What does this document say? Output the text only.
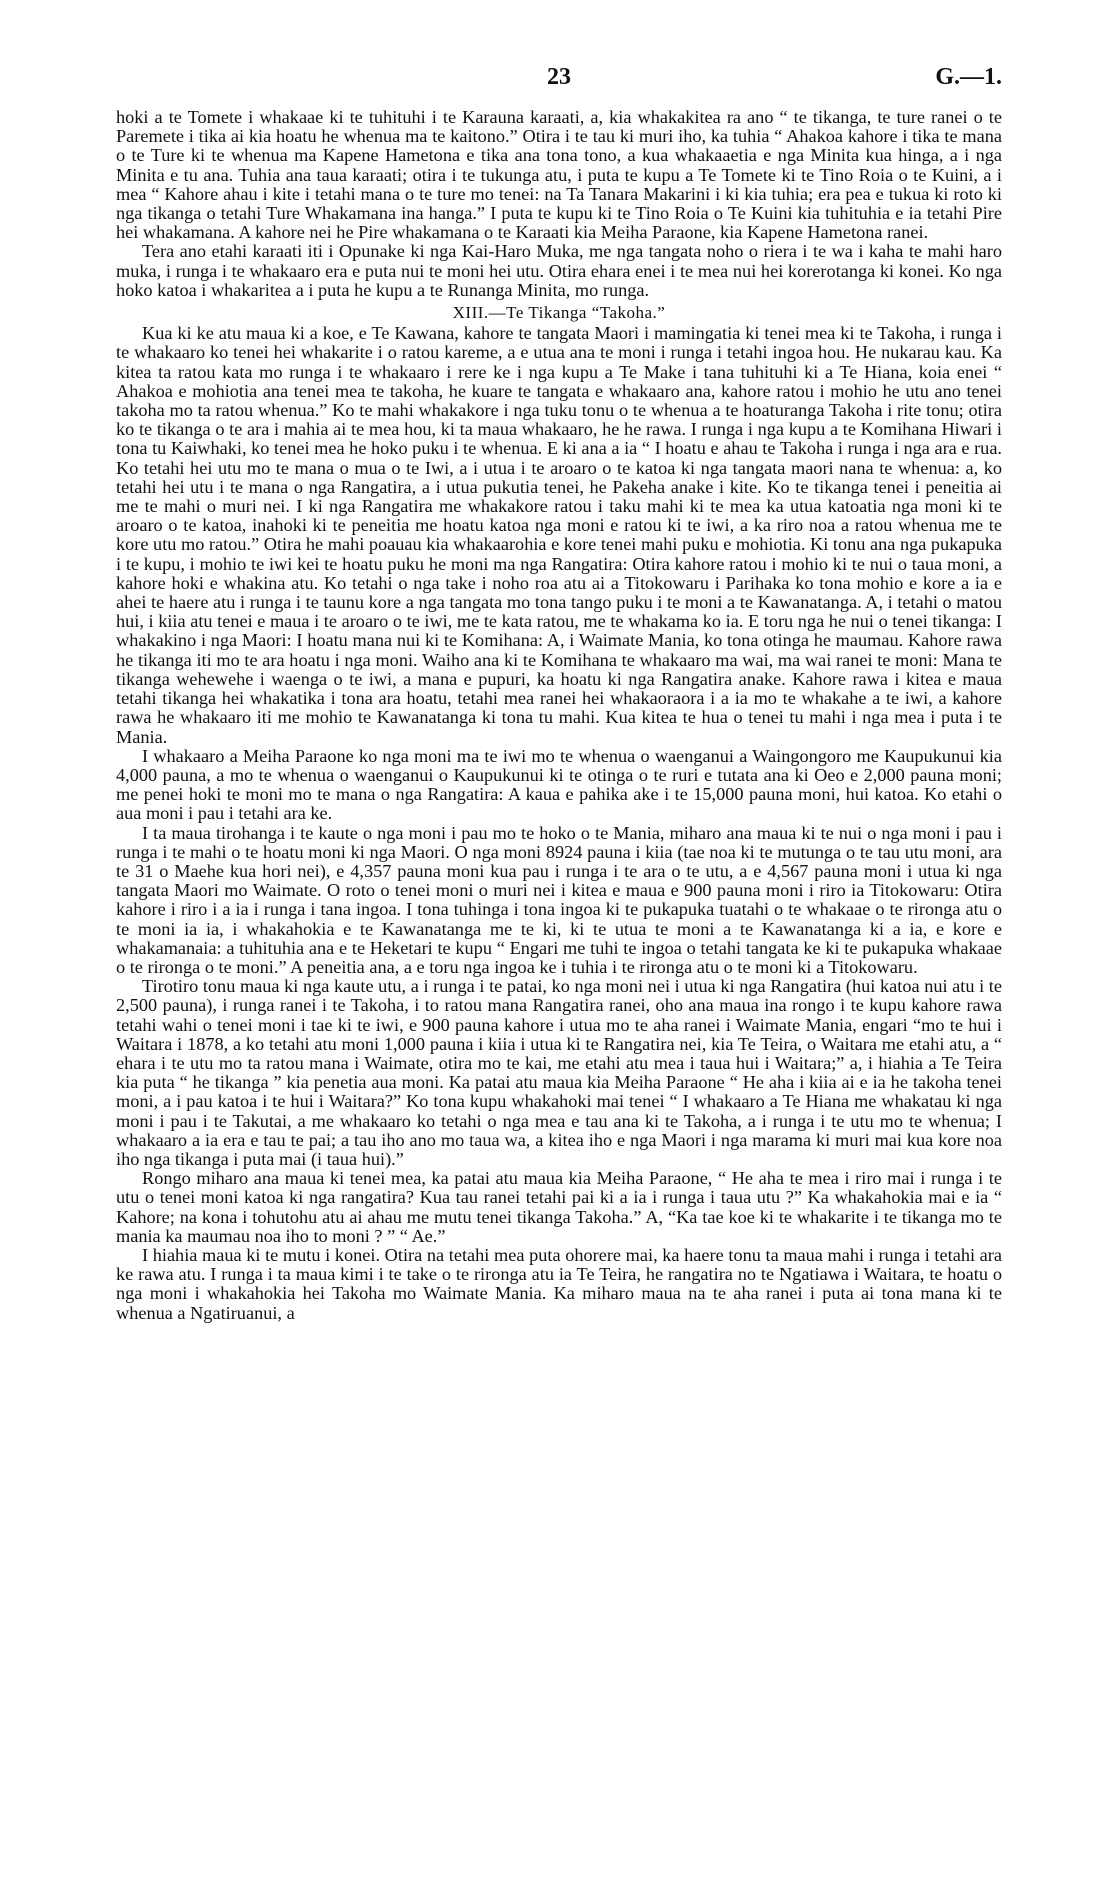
23	G.—1.

hoki a te Tomete i whakaae ki te tuhituhi i te Karauna karaati, a, kia whakakitea ra ano “ te tikanga, te ture ranei o te Paremete i tika ai kia hoatu he whenua ma te kaitono.” Otira i te tau ki muri iho, ka tuhia “ Ahakoa kahore i tika te mana o te Ture ki te whenua ma Kapene Hametona e tika ana tona tono, a kua whakaaetia e nga Minita kua hinga, a i nga Minita e tu ana. Tuhia ana taua karaati; otira i te tukunga atu, i puta te kupu a Te Tomete ki te Tino Roia o te Kuini, a i mea “ Kahore ahau i kite i tetahi mana o te ture mo tenei: na Ta Tanara Makarini i ki kia tuhia; era pea e tukua ki roto ki nga tikanga o tetahi Ture Whakamana ina hanga.” I puta te kupu ki te Tino Roia o Te Kuini kia tuhituhia e ia tetahi Pire hei whakamana. A kahore nei he Pire whakamana o te Karaati kia Meiha Paraone, kia Kapene Hametona ranei.

Tera ano etahi karaati iti i Opunake ki nga Kai-Haro Muka, me nga tangata noho o riera i te wa i kaha te mahi haro muka, i runga i te whakaaro era e puta nui te moni hei utu. Otira ehara enei i te mea nui hei korerotanga ki konei. Ko nga hoko katoa i whakaritea a i puta he kupu a te Runanga Minita, mo runga.

XIII.—Te Tikanga “Takoha.”

Kua ki ke atu maua ki a koe, e Te Kawana, kahore te tangata Maori i mamingatia ki tenei mea ki te Takoha, i runga i te whakaaro ko tenei hei whakarite i o ratou kareme, a e utua ana te moni i runga i tetahi ingoa hou. He nukarau kau. Ka kitea ta ratou kata mo runga i te whakaaro i rere ke i nga kupu a Te Make i tana tuhituhi ki a Te Hiana, koia enei “ Ahakoa e mohiotia ana tenei mea te takoha, he kuare te tangata e whakaaro ana, kahore ratou i mohio he utu ano tenei takoha mo ta ratou whenua.” Ko te mahi whakakore i nga tuku tonu o te whenua a te hoaturanga Takoha i rite tonu; otira ko te tikanga o te ara i mahia ai te mea hou, ki ta maua whakaaro, he he rawa. I runga i nga kupu a te Komihana Hiwari i tona tu Kaiwhaki, ko tenei mea he hoko puku i te whenua. E ki ana a ia “ I hoatu e ahau te Takoha i runga i nga ara e rua. Ko tetahi hei utu mo te mana o mua o te Iwi, a i utua i te aroaro o te katoa ki nga tangata maori nana te whenua: a, ko tetahi hei utu i te mana o nga Rangatira, a i utua pukutia tenei, he Pakeha anake i kite. Ko te tikanga tenei i peneitia ai me te mahi o muri nei. I ki nga Rangatira me whakakore ratou i taku mahi ki te mea ka utua katoatia nga moni ki te aroaro o te katoa, inahoki ki te peneitia me hoatu katoa nga moni e ratou ki te iwi, a ka riro noa a ratou whenua me te kore utu mo ratou.” Otira he mahi poauau kia whakaarohia e kore tenei mahi puku e mohiotia. Ki tonu ana nga pukapuka i te kupu, i mohio te iwi kei te hoatu puku he moni ma nga Rangatira: Otira kahore ratou i mohio ki te nui o taua moni, a kahore hoki e whakina atu. Ko tetahi o nga take i noho roa atu ai a Titokowaru i Parihaka ko tona mohio e kore a ia e ahei te haere atu i runga i te taunu kore a nga tangata mo tona tango puku i te moni a te Kawanatanga. A, i tetahi o matou hui, i kiia atu tenei e maua i te aroaro o te iwi, me te kata ratou, me te whakama ko ia. E toru nga he nui o tenei tikanga: I whakakino i nga Maori: I hoatu mana nui ki te Komihana: A, i Waimate Mania, ko tona otinga he maumau. Kahore rawa he tikanga iti mo te ara hoatu i nga moni. Waiho ana ki te Komihana te whakaaro ma wai, ma wai ranei te moni: Mana te tikanga wehewehe i waenga o te iwi, a mana e pupuri, ka hoatu ki nga Rangatira anake. Kahore rawa i kitea e maua tetahi tikanga hei whakatika i tona ara hoatu, tetahi mea ranei hei whakaoraora i a ia mo te whakahe a te iwi, a kahore rawa he whakaaro iti me mohio te Kawanatanga ki tona tu mahi. Kua kitea te hua o tenei tu mahi i nga mea i puta i te Mania.

I whakaaro a Meiha Paraone ko nga moni ma te iwi mo te whenua o waenganui a Waingongoro me Kaupukunui kia 4,000 pauna, a mo te whenua o waenganui o Kaupukunui ki te otinga o te ruri e tutata ana ki Oeo e 2,000 pauna moni; me penei hoki te moni mo te mana o nga Rangatira: A kaua e pahika ake i te 15,000 pauna moni, hui katoa. Ko etahi o aua moni i pau i tetahi ara ke.

I ta maua tirohanga i te kaute o nga moni i pau mo te hoko o te Mania, miharo ana maua ki te nui o nga moni i pau i runga i te mahi o te hoatu moni ki nga Maori. O nga moni 8924 pauna i kiia (tae noa ki te mutunga o te tau utu moni, ara te 31 o Maehe kua hori nei), e 4,357 pauna moni kua pau i runga i te ara o te utu, a e 4,567 pauna moni i utua ki nga tangata Maori mo Waimate. O roto o tenei moni o muri nei i kitea e maua e 900 pauna moni i riro ia Titokowaru: Otira kahore i riro i a ia i runga i tana ingoa. I tona tuhinga i tona ingoa ki te pukapuka tuatahi o te whakaae o te rironga atu o te moni ia ia, i whakahokia e te Kawanatanga me te ki, ki te utua te moni a te Kawanatanga ki a ia, e kore e whakamanaia: a tuhituhia ana e te Heketari te kupu “ Engari me tuhi te ingoa o tetahi tangata ke ki te pukapuka whakaae o te rironga o te moni.” A peneitia ana, a e toru nga ingoa ke i tuhia i te rironga atu o te moni ki a Titokowaru.

Tirotiro tonu maua ki nga kaute utu, a i runga i te patai, ko nga moni nei i utua ki nga Rangatira (hui katoa nui atu i te 2,500 pauna), i runga ranei i te Takoha, i to ratou mana Rangatira ranei, oho ana maua ina rongo i te kupu kahore rawa tetahi wahi o tenei moni i tae ki te iwi, e 900 pauna kahore i utua mo te aha ranei i Waimate Mania, engari “mo te hui i Waitara i 1878, a ko tetahi atu moni 1,000 pauna i kiia i utua ki te Rangatira nei, kia Te Teira, o Waitara me etahi atu, a “ ehara i te utu mo ta ratou mana i Waimate, otira mo te kai, me etahi atu mea i taua hui i Waitara;” a, i hiahia a Te Teira kia puta “ he tikanga ” kia penetia aua moni. Ka patai atu maua kia Meiha Paraone “ He aha i kiia ai e ia he takoha tenei moni, a i pau katoa i te hui i Waitara?” Ko tona kupu whakahoki mai tenei “ I whakaaro a Te Hiana me whakatau ki nga moni i pau i te Takutai, a me whakaaro ko tetahi o nga mea e tau ana ki te Takoha, a i runga i te utu mo te whenua; I whakaaro a ia era e tau te pai; a tau iho ano mo taua wa, a kitea iho e nga Maori i nga marama ki muri mai kua kore noa iho nga tikanga i puta mai (i taua hui).”

Rongo miharo ana maua ki tenei mea, ka patai atu maua kia Meiha Paraone, “ He aha te mea i riro mai i runga i te utu o tenei moni katoa ki nga rangatira? Kua tau ranei tetahi pai ki a ia i runga i taua utu ?” Ka whakahokia mai e ia “ Kahore; na kona i tohutohu atu ai ahau me mutu tenei tikanga Takoha.” A, “Ka tae koe ki te whakarite i te tikanga mo te mania ka maumau noa iho to moni ? ” “ Ae.”

I hiahia maua ki te mutu i konei. Otira na tetahi mea puta ohorere mai, ka haere tonu ta maua mahi i runga i tetahi ara ke rawa atu. I runga i ta maua kimi i te take o te rironga atu ia Te Teira, he rangatira no te Ngatiawa i Waitara, te hoatu o nga moni i whakahokia hei Takoha mo Waimate Mania. Ka miharo maua na te aha ranei i puta ai tona mana ki te whenua a Ngatiruanui, a
